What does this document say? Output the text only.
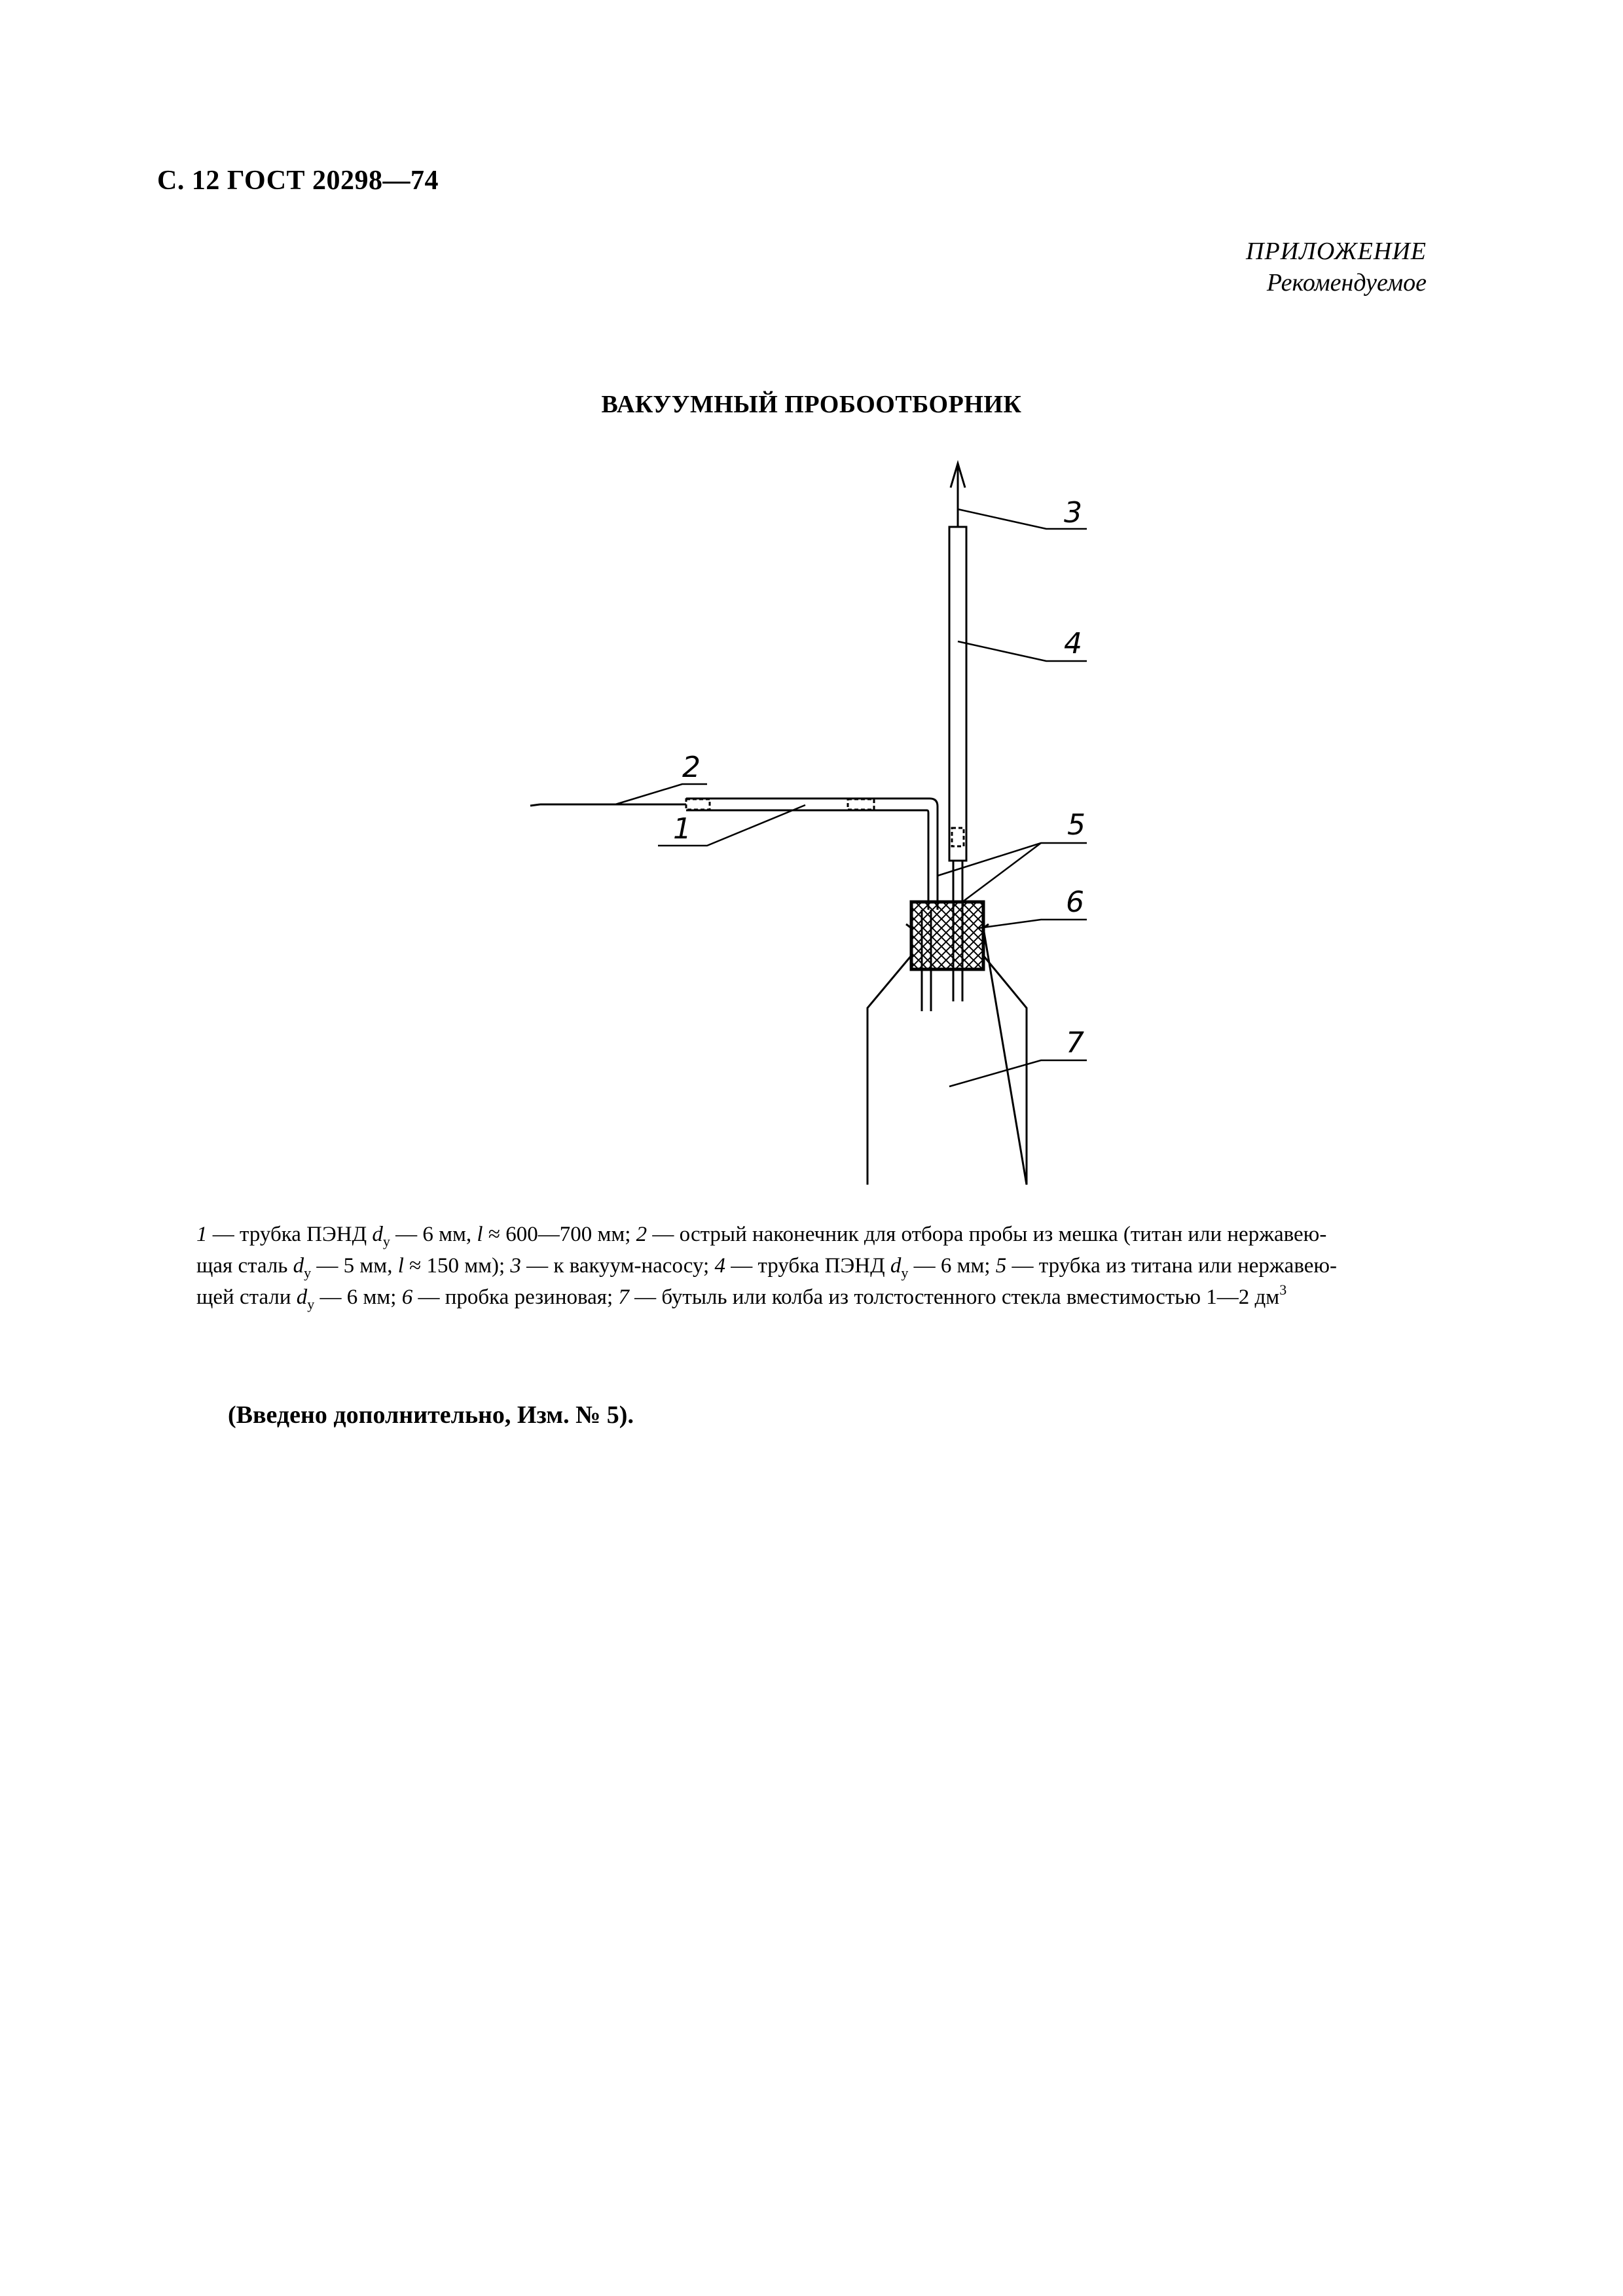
С. 12 ГОСТ 20298—74
ПРИЛОЖЕНИЕ
Рекомендуемое
ВАКУУМНЫЙ ПРОБООТБОРНИК
3
4
2
1	5
6
7
1 — трубка ПЭНД $d_у$ — 6 мм, l ≈ 600—700 мм; 2 — острый наконечник для отбора пробы из мешка (титан или нержавею-
щая сталь $d_у$ — 5 мм, l ≈ 150 мм); 3 — к вакуум-насосу; 4 — трубка ПЭНД $d_у$ — 6 мм; 5 — трубка из титана или нержавею-
щей стали $d_у$ — 6 мм; 6 — пробка резиновая; 7 — бутыль или колба из толстостенного стекла вместимостью 1—2 $дм^3$
(Введено дополнительно, Изм. № 5).
